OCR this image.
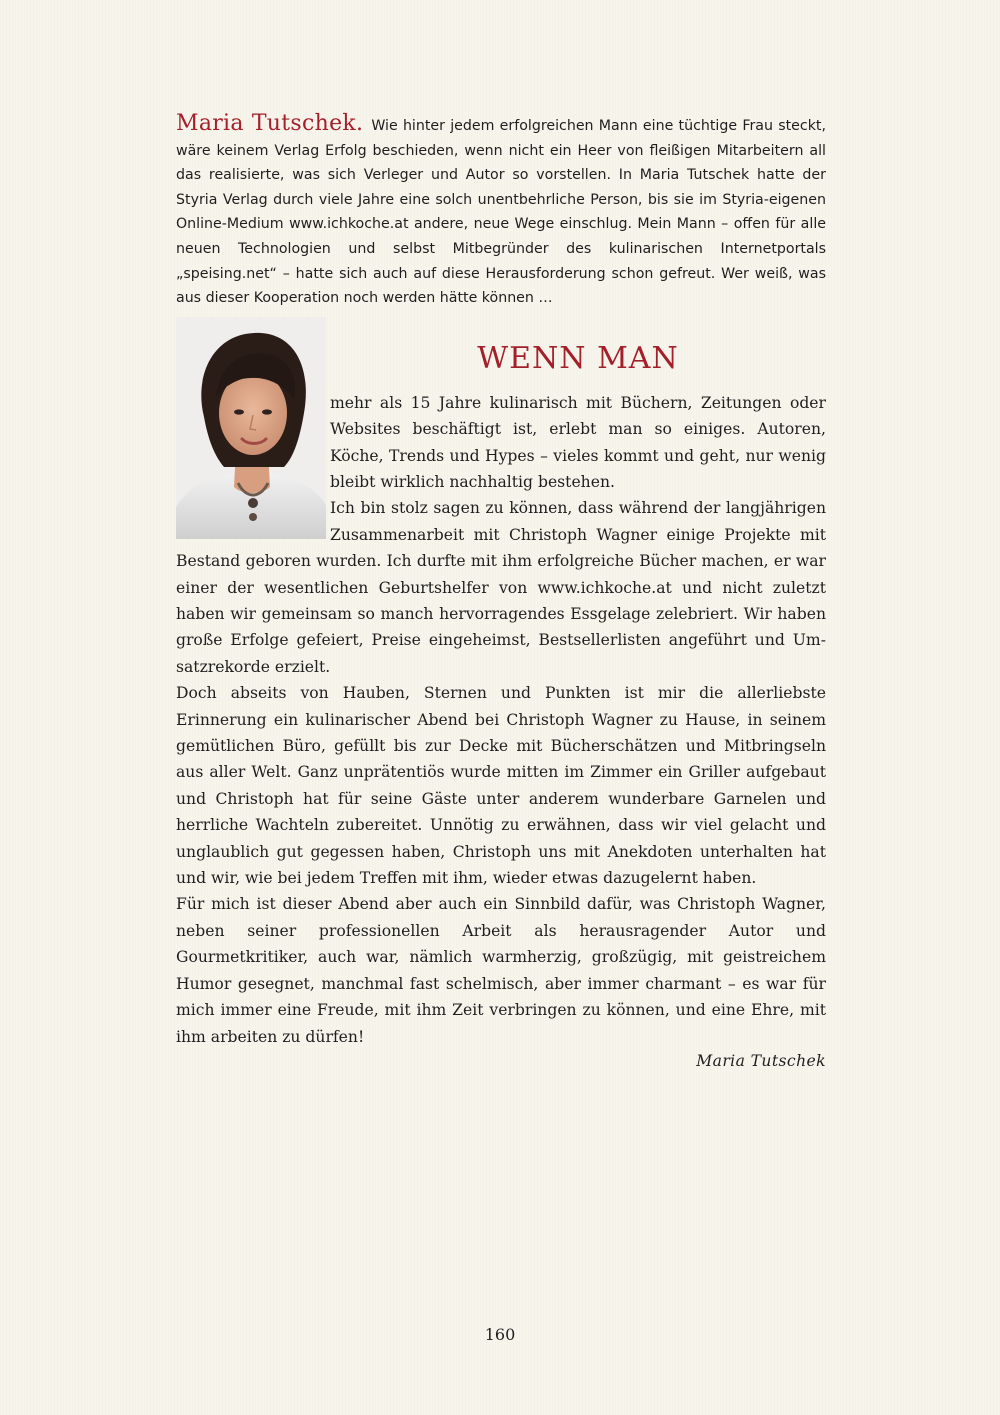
Maria Tutschek. Wie hinter jedem erfolgreichen Mann eine tüchtige Frau steckt, wäre keinem Verlag Erfolg beschieden, wenn nicht ein Heer von fleißigen Mitarbeitern all das realisierte, was sich Verleger und Autor so vorstellen. In Maria Tutschek hatte der Styria Verlag durch viele Jahre eine solch unentbehrliche Person, bis sie im Styria-eigenen Online-Medium www.ichkoche.at andere, neue Wege einschlug. Mein Mann – offen für alle neuen Technologien und selbst Mitbegründer des kulinarischen Internetportals „speising.net“ – hatte sich auch auf diese Herausforderung schon gefreut. Wer weiß, was aus dieser Kooperation noch werden hätte können …

WENN MAN

mehr als 15 Jahre kulinarisch mit Büchern, Zeitungen oder Websites beschäftigt ist, erlebt man so einiges. Autoren, Köche, Trends und Hypes – vieles kommt und geht, nur wenig bleibt wirklich nachhaltig bestehen.

Ich bin stolz sagen zu können, dass während der langjährigen Zusammenarbeit mit Christoph Wagner einige Projekte mit Bestand geboren wurden. Ich durfte mit ihm erfolgreiche Bücher machen, er war einer der wesentlichen Geburtshelfer von www.ichkoche.at und nicht zuletzt haben wir gemeinsam so manch hervorragendes Essgelage zelebriert. Wir haben große Erfolge gefeiert, Preise eingeheimst, Bestsellerlisten angeführt und Umsatzrekorde erzielt.

Doch abseits von Hauben, Sternen und Punkten ist mir die allerliebste Erinnerung ein kulinarischer Abend bei Christoph Wagner zu Hause, in seinem gemütlichen Büro, gefüllt bis zur Decke mit Bücherschätzen und Mitbringseln aus aller Welt. Ganz unprätentiös wurde mitten im Zimmer ein Griller aufgebaut und Christoph hat für seine Gäste unter anderem wunderbare Garnelen und herrliche Wachteln zubereitet. Unnötig zu erwähnen, dass wir viel gelacht und unglaublich gut gegessen haben, Christoph uns mit Anekdoten unterhalten hat und wir, wie bei jedem Treffen mit ihm, wieder etwas dazugelernt haben.

Für mich ist dieser Abend aber auch ein Sinnbild dafür, was Christoph Wagner, neben seiner professionellen Arbeit als herausragender Autor und Gourmetkritiker, auch war, nämlich warmherzig, großzügig, mit geistreichem Humor gesegnet, manchmal fast schelmisch, aber immer charmant – es war für mich immer eine Freude, mit ihm Zeit verbringen zu können, und eine Ehre, mit ihm arbeiten zu dürfen!

Maria Tutschek

160
